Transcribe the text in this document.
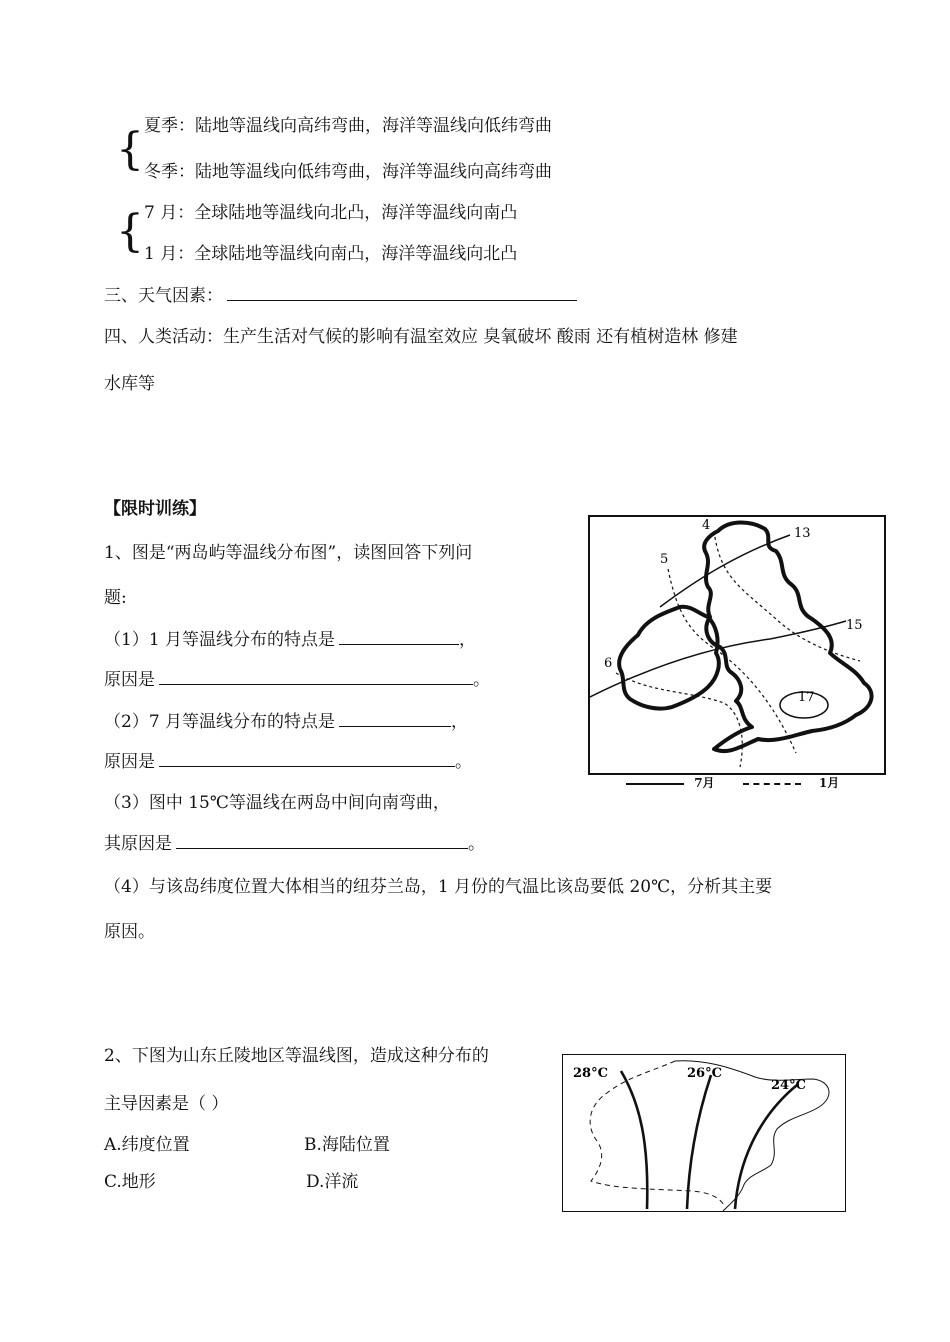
{ 夏季：陆地等温线向高纬弯曲，海洋等温线向低纬弯曲
冬季：陆地等温线向低纬弯曲，海洋等温线向高纬弯曲
{ 7 月：全球陆地等温线向北凸，海洋等温线向南凸
1 月：全球陆地等温线向南凸，海洋等温线向北凸
三、天气因素：
四、人类活动：生产生活对气候的影响有温室效应 臭氧破坏 酸雨 还有植树造林 修建
水库等
【限时训练】
1、图是“两岛屿等温线分布图”，读图回答下列问
题:
（1）1 月等温线分布的特点是	，
原因是	。
（2）7 月等温线分布的特点是	，
原因是	。
（3）图中 15℃等温线在两岛中间向南弯曲，
其原因是	。
（4）与该岛纬度位置大体相当的纽芬兰岛，1 月份的气温比该岛要低 20℃，分析其主要
原因。
4
13
5
15
6
17
7月	1月
2、下图为山东丘陵地区等温线图，造成这种分布的
主导因素是（ ）
A.纬度位置	B.海陆位置
C.地形	D.洋流
28°C	26°C
24°C
